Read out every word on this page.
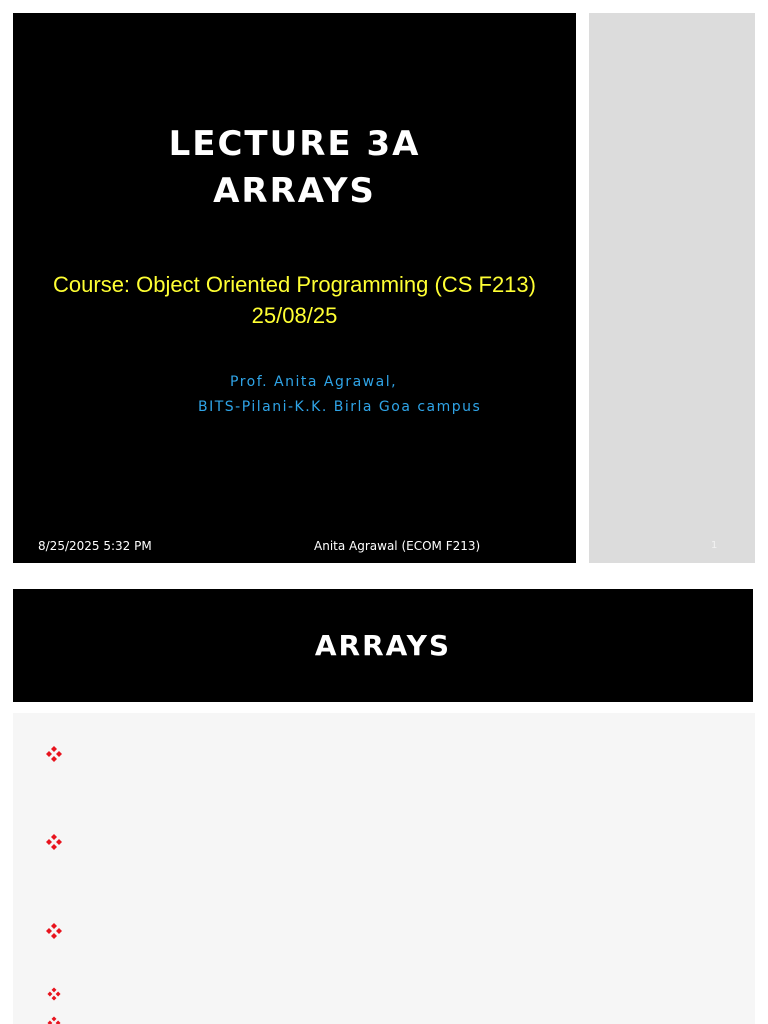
LECTURE 3A
ARRAYS
Course: Object Oriented Programming (CS F213)
25/08/25
Prof. Anita Agrawal,
BITS-Pilani-K.K. Birla Goa campus
8/25/2025 5:32 PM	Anita Agrawal (ECOM F213)	1
ARRAYS
